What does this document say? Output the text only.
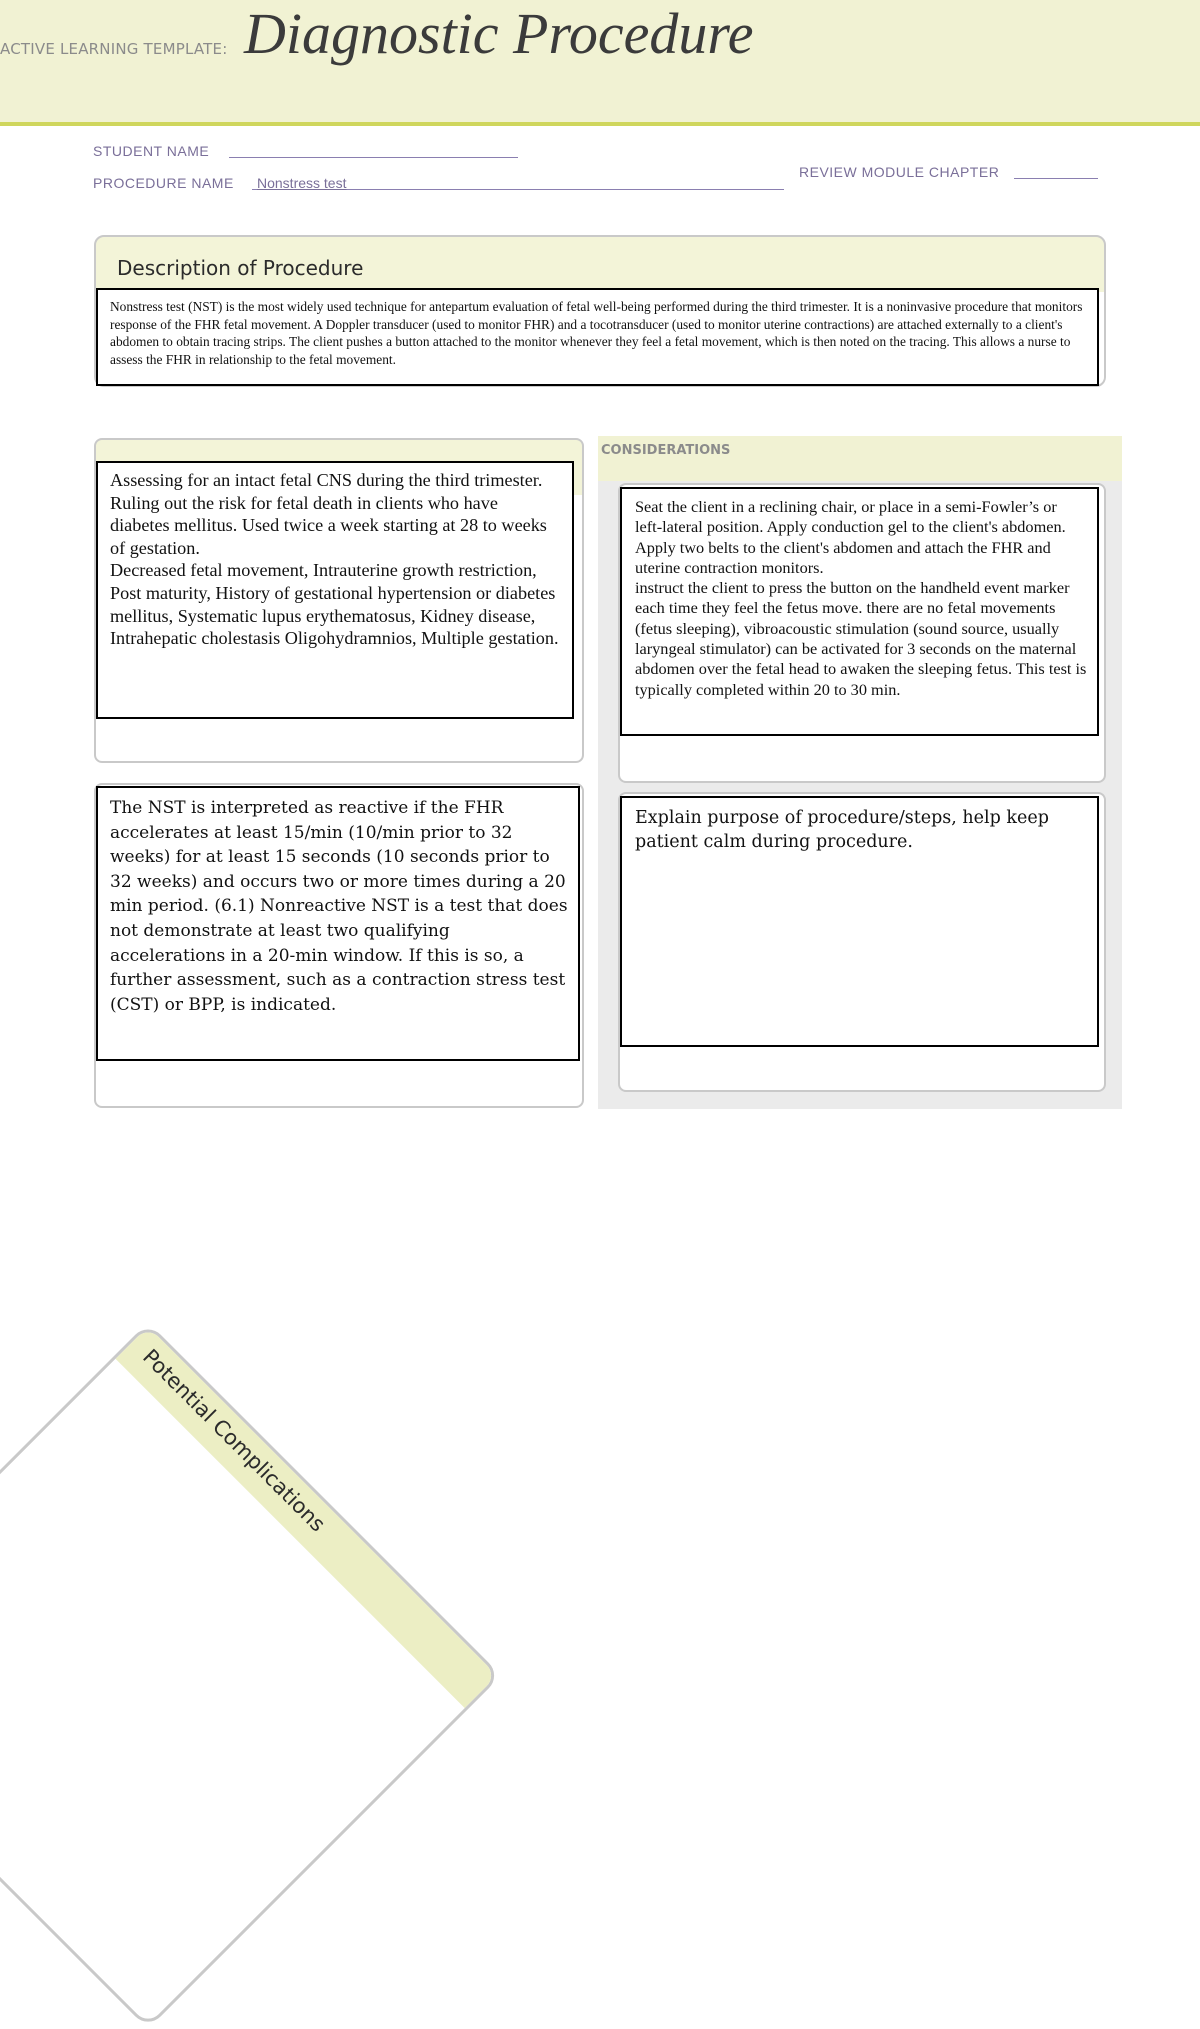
ACTIVE LEARNING TEMPLATE: Diagnostic Procedure
STUDENT NAME
PROCEDURE NAME Nonstress test
REVIEW MODULE CHAPTER
Description of Procedure
Nonstress test (NST) is the most widely used technique for antepartum evaluation of fetal well-being performed during the third trimester. It is a noninvasive procedure that monitors response of the FHR fetal movement. A Doppler transducer (used to monitor FHR) and a tocotransducer (used to monitor uterine contractions) are attached externally to a client's abdomen to obtain tracing strips. The client pushes a button attached to the monitor whenever they feel a fetal movement, which is then noted on the tracing. This allows a nurse to assess the FHR in relationship to the fetal movement.
Assessing for an intact fetal CNS during the third trimester. Ruling out the risk for fetal death in clients who have diabetes mellitus. Used twice a week starting at 28 to weeks of gestation.
Decreased fetal movement, Intrauterine growth restriction, Post maturity, History of gestational hypertension or diabetes mellitus, Systematic lupus erythematosus, Kidney disease, Intrahepatic cholestasis Oligohydramnios, Multiple gestation.
The NST is interpreted as reactive if the FHR accelerates at least 15/min (10/min prior to 32 weeks) for at least 15 seconds (10 seconds prior to 32 weeks) and occurs two or more times during a 20 min period. (6.1) Nonreactive NST is a test that does not demonstrate at least two qualifying accelerations in a 20-min window. If this is so, a further assessment, such as a contraction stress test (CST) or BPP, is indicated.
CONSIDERATIONS
Seat the client in a reclining chair, or place in a semi-Fowler’s or left-lateral position. Apply conduction gel to the client's abdomen. Apply two belts to the client's abdomen and attach the FHR and uterine contraction monitors.
instruct the client to press the button on the handheld event marker each time they feel the fetus move. there are no fetal movements (fetus sleeping), vibroacoustic stimulation (sound source, usually laryngeal stimulator) can be activated for 3 seconds on the maternal abdomen over the fetal head to awaken the sleeping fetus. This test is typically completed within 20 to 30 min.
Explain purpose of procedure/steps, help keep patient calm during procedure.
Potential Complications
